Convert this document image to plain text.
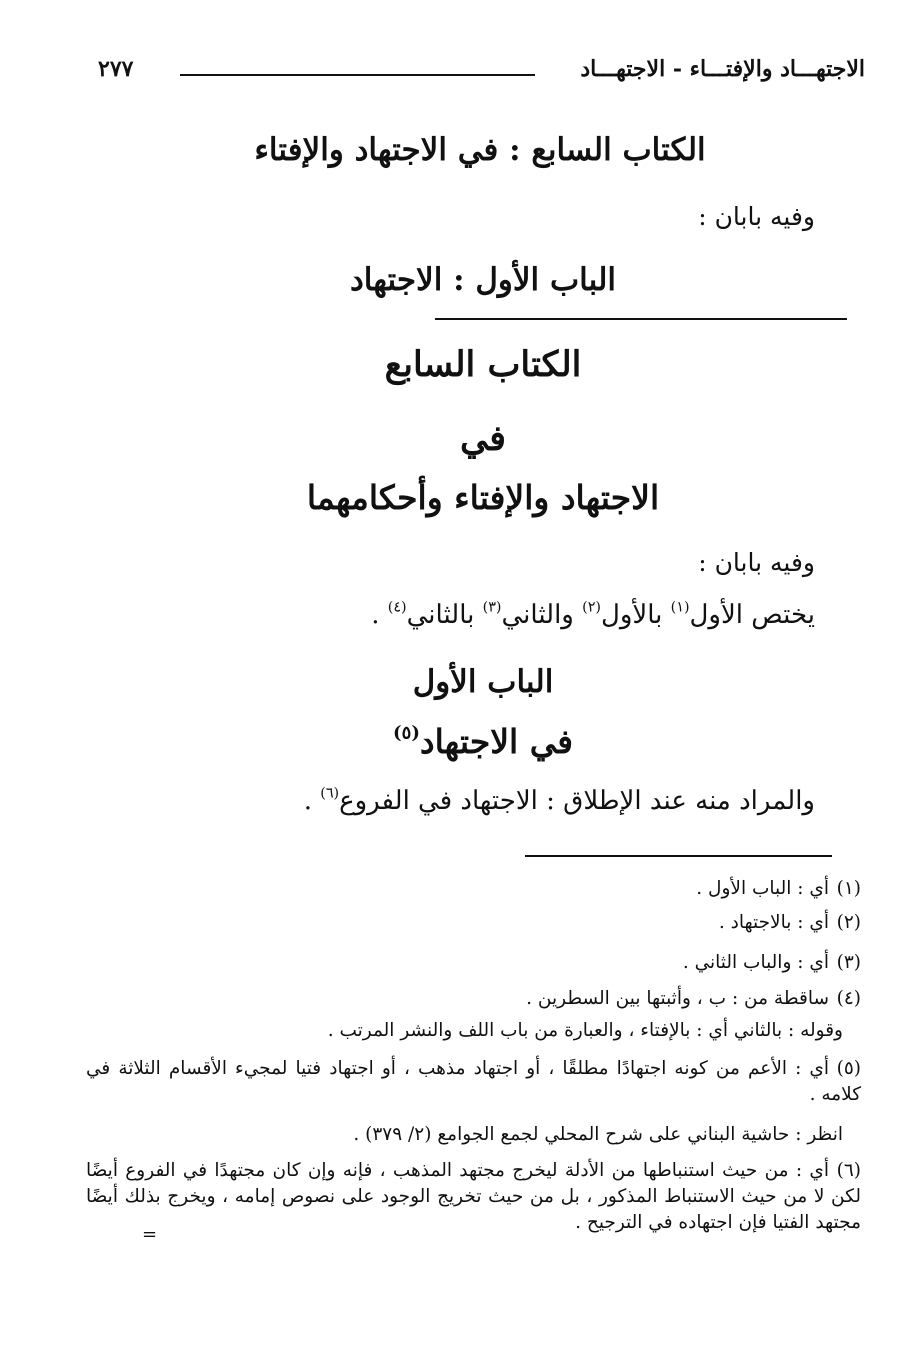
الاجتهـــاد والإفتـــاء - الاجتهـــاد
٢٧٧
الكتاب السابع : في الاجتهاد والإفتاء
وفيه بابان :
الباب الأول : الاجتهاد
الكتاب السابع
في
الاجتهاد والإفتاء وأحكامهما
وفيه بابان :
يختص الأول$^{(١)}$ بالأول$^{(٢)}$ والثاني$^{(٣)}$ بالثاني$^{(٤)}$ .
الباب الأول
في الاجتهاد$^{(٥)}$
والمراد منه عند الإطلاق : الاجتهاد في الفروع$^{(٦)}$ .
(١)أي : الباب الأول .
(٢)أي : بالاجتهاد .
(٣)أي : والباب الثاني .
(٤)ساقطة من : ب ، وأثبتها بين السطرين .
وقوله : بالثاني أي : بالإفتاء ، والعبارة من باب اللف والنشر المرتب .
(٥)أي : الأعم من كونه اجتهادًا مطلقًا ، أو اجتهاد مذهب ، أو اجتهاد فتيا لمجيء الأقسام الثلاثة في كلامه .
انظر : حاشية البناني على شرح المحلي لجمع الجوامع (٢/ ٣٧٩) .
(٦)أي : من حيث استنباطها من الأدلة ليخرج مجتهد المذهب ، فإنه وإن كان مجتهدًا في الفروع أيضًا لكن لا من حيث الاستنباط المذكور ، بل من حيث تخريج الوجود على نصوص إمامه ، ويخرج بذلك أيضًا مجتهد الفتيا فإن اجتهاده في الترجيح .
=
